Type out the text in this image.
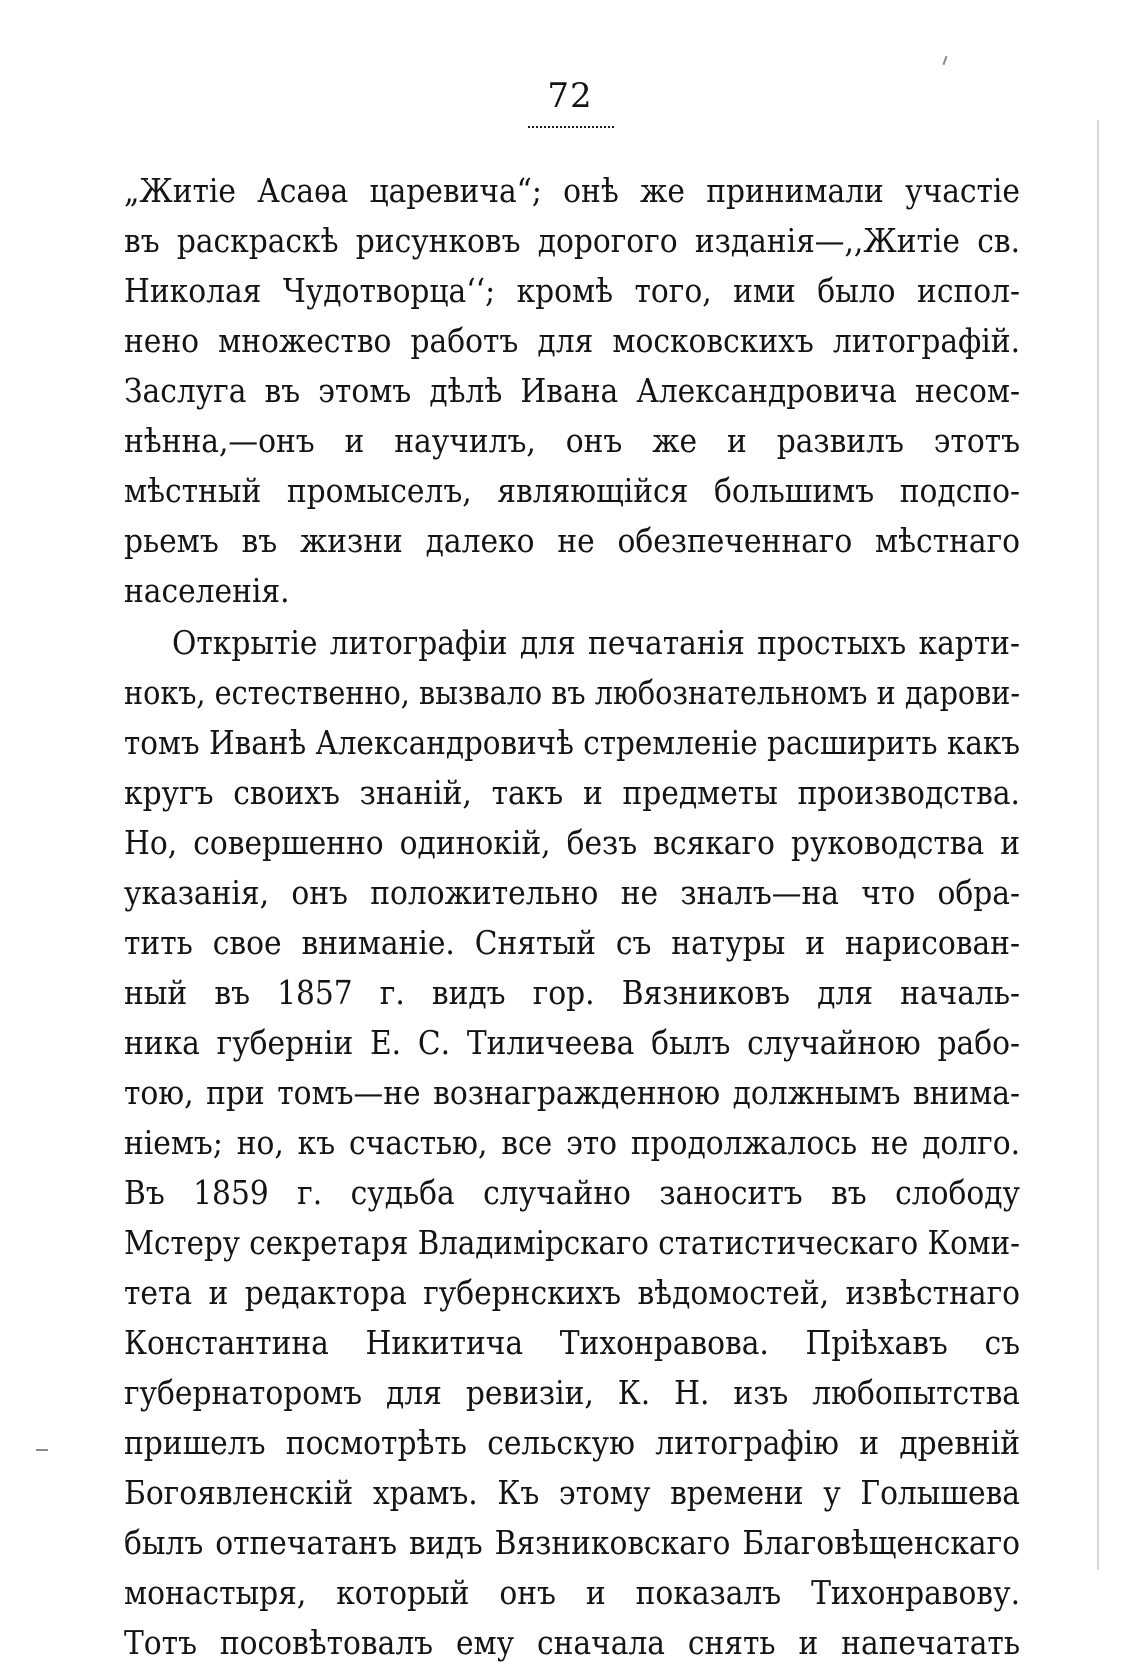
72
„Житіе Асаѳа царевича“; онѣ же принимали участіе
въ раскраскѣ рисунковъ дорогого изданія—,,Житіе св.
Николая Чудотворца‘‘; кромѣ того, ими было испол-
нено множество работъ для московскихъ литографій.
Заслуга въ этомъ дѣлѣ Ивана Александровича несом-
нѣнна,—онъ и научилъ, онъ же и развилъ этотъ
мѣстный промыселъ, являющійся большимъ подспо-
рьемъ въ жизни далеко не обезпеченнаго мѣстнаго
населенія.
Открытіе литографіи для печатанія простыхъ карти-
нокъ, естественно, вызвало въ любознательномъ и дарови-
томъ Иванѣ Александровичѣ стремленіе расширить какъ
кругъ своихъ знаній, такъ и предметы производства.
Но, совершенно одинокій, безъ всякаго руководства и
указанія, онъ положительно не зналъ—на что обра-
тить свое вниманіе. Снятый съ натуры и нарисован-
ный въ 1857 г. видъ гор. Вязниковъ для началь-
ника губерніи Е. С. Тиличеева былъ случайною рабо-
тою, при томъ—не вознагражденною должнымъ внима-
ніемъ; но, къ счастью, все это продолжалось не долго.
Въ 1859 г. судьба случайно заноситъ въ слободу
Мстеру секретаря Владимірскаго статистическаго Коми-
тета и редактора губернскихъ вѣдомостей, извѣстнаго
Константина Никитича Тихонравова. Пріѣхавъ съ
губернаторомъ для ревизіи, К. Н. изъ любопытства
пришелъ посмотрѣть сельскую литографію и древній
Богоявленскій храмъ. Къ этому времени у Голышева
былъ отпечатанъ видъ Вязниковскаго Благовѣщенскаго
монастыря, который онъ и показалъ Тихонравову.
Тотъ посовѣтовалъ ему сначала снять и напечатать
